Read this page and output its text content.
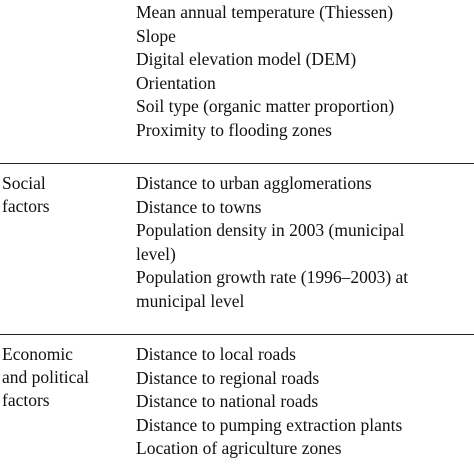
Mean annual temperature (Thiessen)
Slope
Digital elevation model (DEM)
Orientation
Soil type (organic matter proportion)
Proximity to flooding zones
Social
factors
Distance to urban agglomerations
Distance to towns
Population density in 2003 (municipal
level)
Population growth rate (1996–2003) at
municipal level
Economic
and political
factors
Distance to local roads
Distance to regional roads
Distance to national roads
Distance to pumping extraction plants
Location of agriculture zones
